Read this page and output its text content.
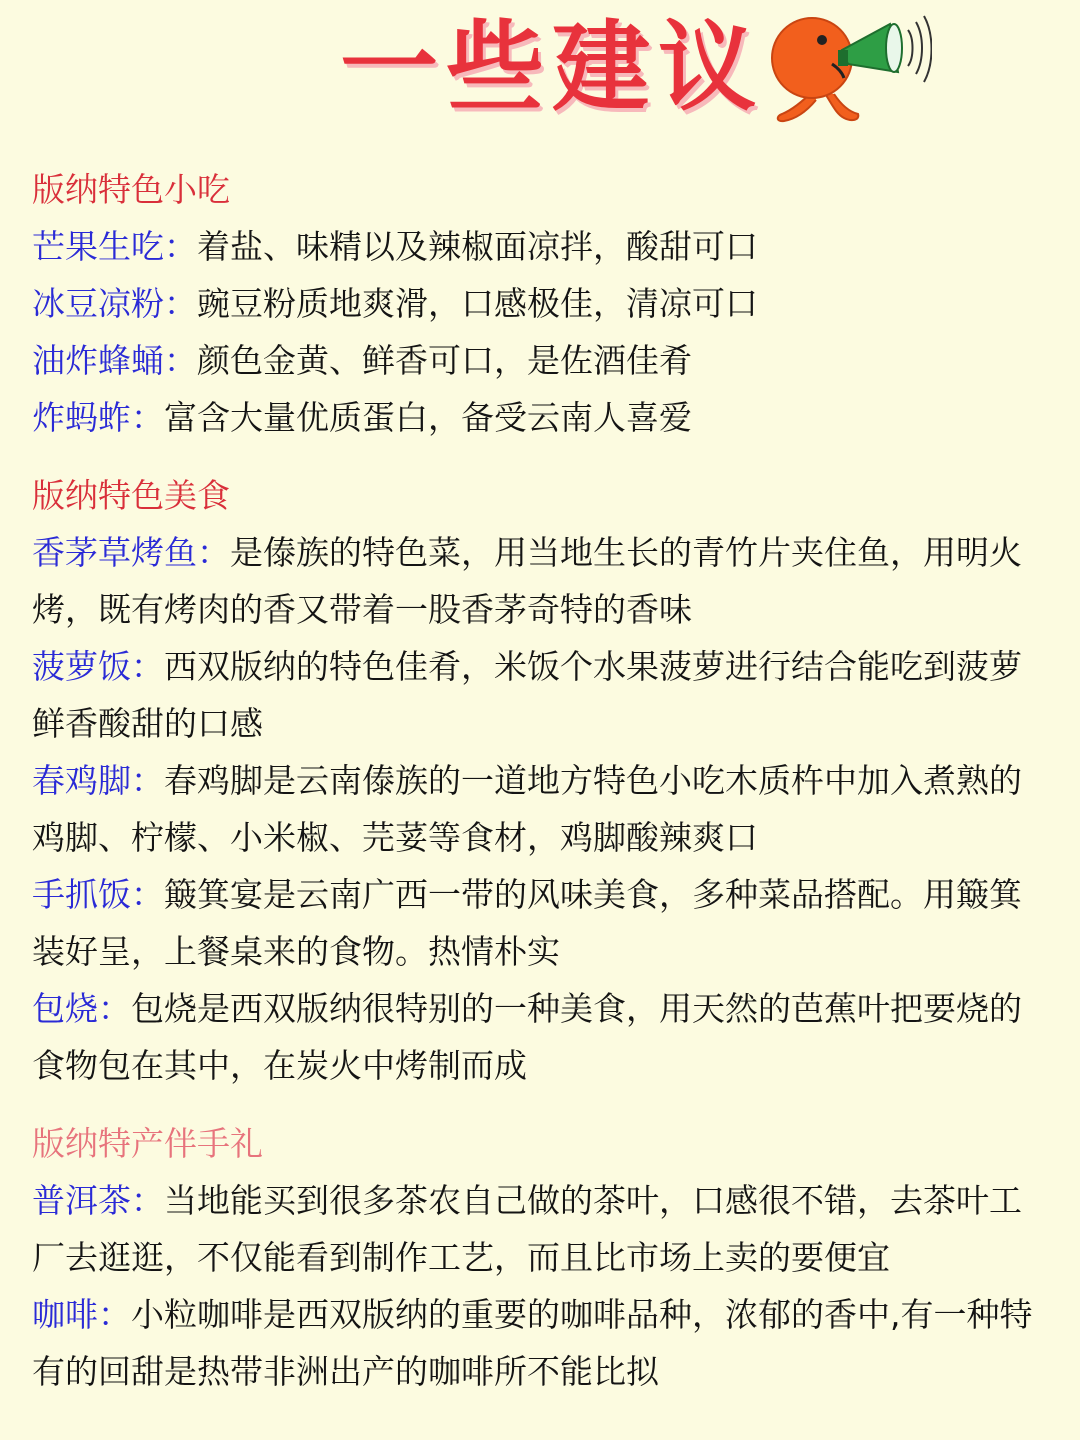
一些建议
版纳特色小吃

芒果生吃：着盐、味精以及辣椒面凉拌，酸甜可口

冰豆凉粉：豌豆粉质地爽滑，口感极佳，清凉可口

油炸蜂蛹：颜色金黄、鲜香可口，是佐酒佳肴

炸蚂蚱：富含大量优质蛋白，备受云南人喜爱

版纳特色美食

香茅草烤鱼：是傣族的特色菜，用当地生长的青竹片夹住鱼，用明火烤，既有烤肉的香又带着一股香茅奇特的香味

菠萝饭：西双版纳的特色佳肴，米饭个水果菠萝进行结合能吃到菠萝鲜香酸甜的口感

春鸡脚：春鸡脚是云南傣族的一道地方特色小吃木质杵中加入煮熟的鸡脚、柠檬、小米椒、芫荽等食材，鸡脚酸辣爽口

手抓饭：簸箕宴是云南广西一带的风味美食，多种菜品搭配。用簸箕装好呈，上餐桌来的食物。热情朴实

包烧：包烧是西双版纳很特别的一种美食，用天然的芭蕉叶把要烧的食物包在其中，在炭火中烤制而成

版纳特产伴手礼

普洱茶：当地能买到很多茶农自己做的茶叶，口感很不错，去茶叶工厂去逛逛，不仅能看到制作工艺，而且比市场上卖的要便宜

咖啡：小粒咖啡是西双版纳的重要的咖啡品种，浓郁的香中,有一种特有的回甜是热带非洲出产的咖啡所不能比拟
